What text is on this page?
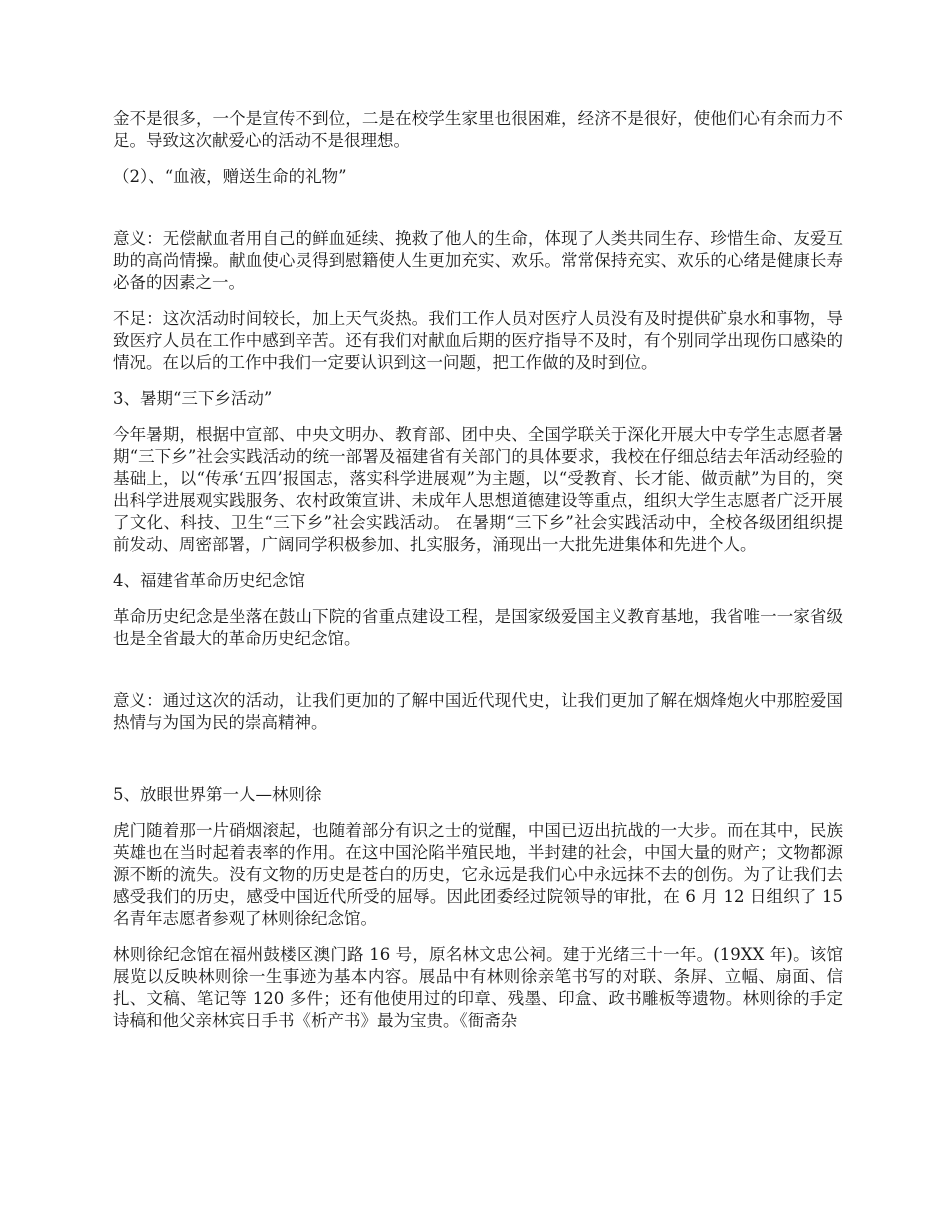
金不是很多，一个是宣传不到位，二是在校学生家里也很困难，经济不是很好，使他们心有余而力不足。导致这次献爱心的活动不是很理想。

（2）、“血液，赠送生命的礼物”

意义：无偿献血者用自己的鲜血延续、挽救了他人的生命，体现了人类共同生存、珍惜生命、友爱互助的高尚情操。献血使心灵得到慰籍使人生更加充实、欢乐。常常保持充实、欢乐的心绪是健康长寿必备的因素之一。

不足：这次活动时间较长，加上天气炎热。我们工作人员对医疗人员没有及时提供矿泉水和事物，导致医疗人员在工作中感到辛苦。还有我们对献血后期的医疗指导不及时，有个别同学出现伤口感染的情况。在以后的工作中我们一定要认识到这一问题，把工作做的及时到位。

3、暑期“三下乡活动”

今年暑期，根据中宣部、中央文明办、教育部、团中央、全国学联关于深化开展大中专学生志愿者暑期“三下乡”社会实践活动的统一部署及福建省有关部门的具体要求，我校在仔细总结去年活动经验的基础上，以“传承‘五四’报国志，落实科学进展观”为主题，以“受教育、长才能、做贡献”为目的，突出科学进展观实践服务、农村政策宣讲、未成年人思想道德建设等重点，组织大学生志愿者广泛开展了文化、科技、卫生“三下乡”社会实践活动。 在暑期“三下乡”社会实践活动中，全校各级团组织提前发动、周密部署，广阔同学积极参加、扎实服务，涌现出一大批先进集体和先进个人。

4、福建省革命历史纪念馆

革命历史纪念是坐落在鼓山下院的省重点建设工程，是国家级爱国主义教育基地，我省唯一一家省级也是全省最大的革命历史纪念馆。

意义：通过这次的活动，让我们更加的了解中国近代现代史，让我们更加了解在烟烽炮火中那腔爱国热情与为国为民的崇高精神。

5、放眼世界第一人—林则徐

虎门随着那一片硝烟滚起，也随着部分有识之士的觉醒，中国已迈出抗战的一大步。而在其中，民族英雄也在当时起着表率的作用。在这中国沦陷半殖民地，半封建的社会，中国大量的财产；文物都源源不断的流失。没有文物的历史是苍白的历史，它永远是我们心中永远抹不去的创伤。为了让我们去感受我们的历史，感受中国近代所受的屈辱。因此团委经过院领导的审批，在 6 月 12 日组织了 15 名青年志愿者参观了林则徐纪念馆。

林则徐纪念馆在福州鼓楼区澳门路 16 号，原名林文忠公祠。建于光绪三十一年。(19XX 年)。该馆展览以反映林则徐一生事迹为基本内容。展品中有林则徐亲笔书写的对联、条屏、立幅、扇面、信扎、文稿、笔记等 120 多件；还有他使用过的印章、残墨、印盒、政书雕板等遗物。林则徐的手定诗稿和他父亲林宾日手书《析产书》最为宝贵。《衙斋杂
